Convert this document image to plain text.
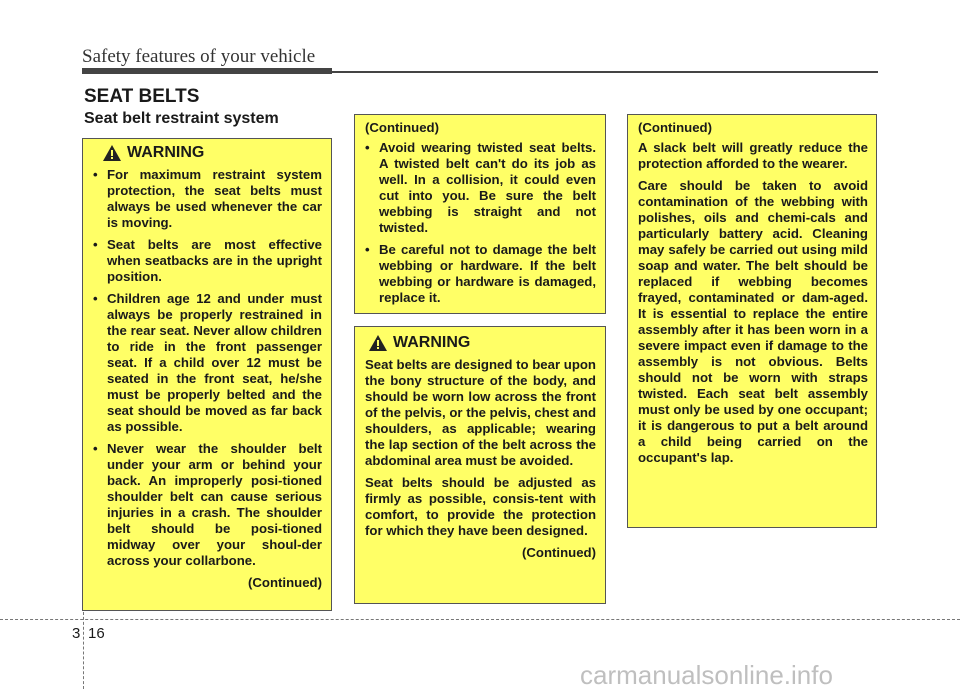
Safety features of your vehicle
SEAT BELTS
Seat belt restraint system
WARNING
• For maximum restraint system protection, the seat belts must always be used whenever the car is moving.
• Seat belts are most effective when seatbacks are in the upright position.
• Children age 12 and under must always be properly restrained in the rear seat. Never allow children to ride in the front passenger seat. If a child over 12 must be seated in the front seat, he/she must be properly belted and the seat should be moved as far back as possible.
• Never wear the shoulder belt under your arm or behind your back. An improperly posi-tioned shoulder belt can cause serious injuries in a crash. The shoulder belt should be posi-tioned midway over your shoul-der across your collarbone.

(Continued)

(Continued)

• Avoid wearing twisted seat belts. A twisted belt can't do its job as well. In a collision, it could even cut into you. Be sure the belt webbing is straight and not twisted.
• Be careful not to damage the belt webbing or hardware. If the belt webbing or hardware is damaged, replace it.
WARNING

Seat belts are designed to bear upon the bony structure of the body, and should be worn low across the front of the pelvis, or the pelvis, chest and shoulders, as applicable; wearing the lap section of the belt across the abdominal area must be avoided.

Seat belts should be adjusted as firmly as possible, consis-tent with comfort, to provide the protection for which they have been designed.

(Continued)

(Continued)

A slack belt will greatly reduce the protection afforded to the wearer.

Care should be taken to avoid contamination of the webbing with polishes, oils and chemi-cals and particularly battery acid. Cleaning may safely be carried out using mild soap and water. The belt should be replaced if webbing becomes frayed, contaminated or dam-aged. It is essential to replace the entire assembly after it has been worn in a severe impact even if damage to the assembly is not obvious. Belts should not be worn with straps twisted. Each seat belt assembly must only be used by one occupant; it is dangerous to put a belt around a child being carried on the occupant's lap.

3 16
carmanualsonline.info
